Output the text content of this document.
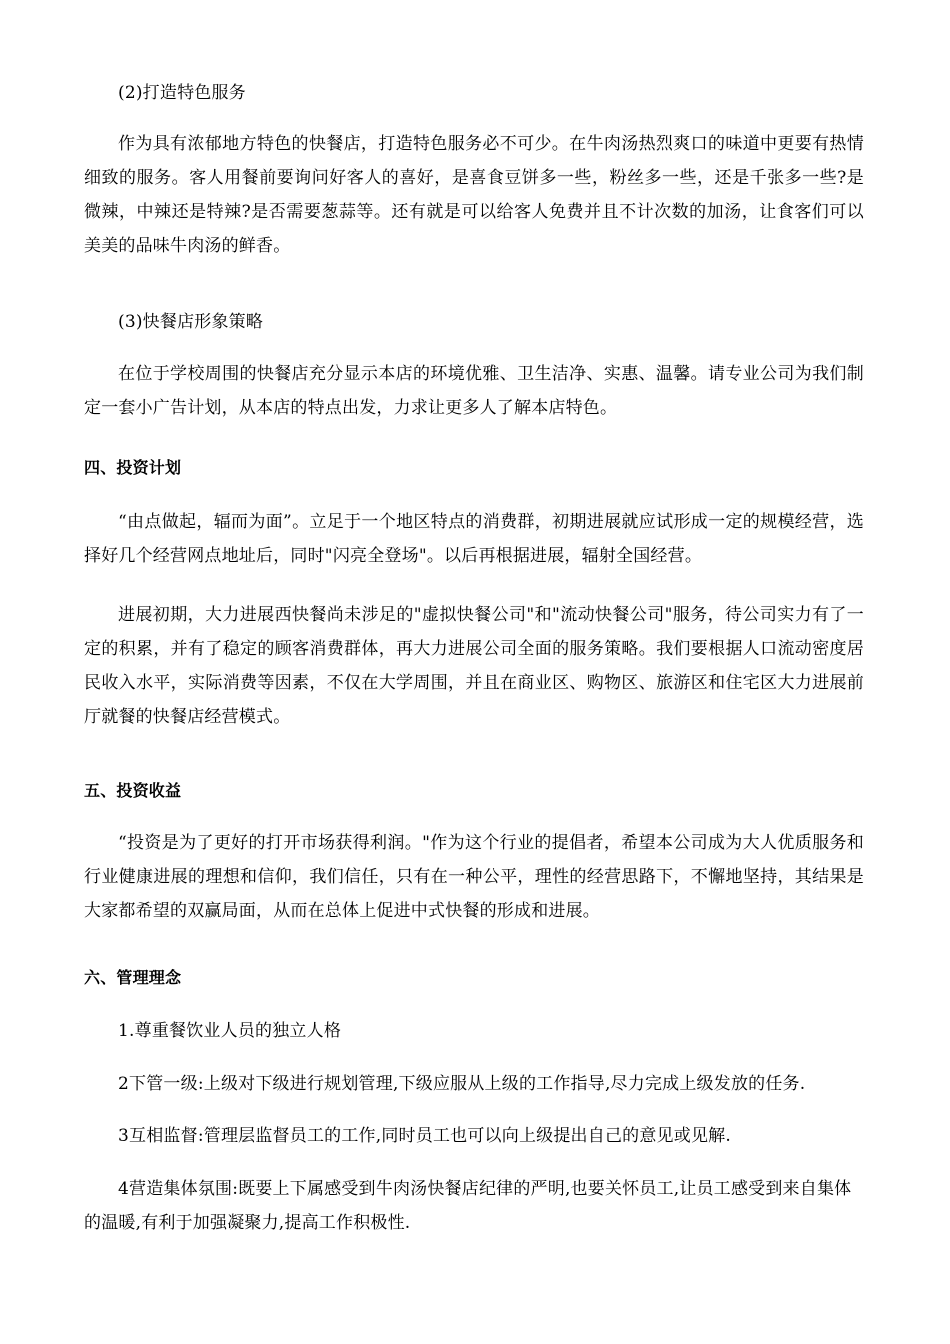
(2)打造特色服务

作为具有浓郁地方特色的快餐店，打造特色服务必不可少。在牛肉汤热烈爽口的味道中更要有热情细致的服务。客人用餐前要询问好客人的喜好，是喜食豆饼多一些，粉丝多一些，还是千张多一些?是微辣，中辣还是特辣?是否需要葱蒜等。还有就是可以给客人免费并且不计次数的加汤，让食客们可以美美的品味牛肉汤的鲜香。

(3)快餐店形象策略

在位于学校周围的快餐店充分显示本店的环境优雅、卫生洁净、实惠、温馨。请专业公司为我们制定一套小广告计划，从本店的特点出发，力求让更多人了解本店特色。

四、投资计划

“由点做起，辐而为面”。立足于一个地区特点的消费群，初期进展就应试形成一定的规模经营，选择好几个经营网点地址后，同时"闪亮全登场"。以后再根据进展，辐射全国经营。

进展初期，大力进展西快餐尚未涉足的"虚拟快餐公司"和"流动快餐公司"服务，待公司实力有了一定的积累，并有了稳定的顾客消费群体，再大力进展公司全面的服务策略。我们要根据人口流动密度居民收入水平，实际消费等因素，不仅在大学周围，并且在商业区、购物区、旅游区和住宅区大力进展前厅就餐的快餐店经营模式。

五、投资收益

“投资是为了更好的打开市场获得利润。"作为这个行业的提倡者，希望本公司成为大人优质服务和行业健康进展的理想和信仰，我们信任，只有在一种公平，理性的经营思路下，不懈地坚持，其结果是大家都希望的双赢局面，从而在总体上促进中式快餐的形成和进展。

六、管理理念

1.尊重餐饮业人员的独立人格

2下管一级:上级对下级进行规划管理,下级应服从上级的工作指导,尽力完成上级发放的任务.

3互相监督:管理层监督员工的工作,同时员工也可以向上级提出自己的意见或见解.

4营造集体氛围:既要上下属感受到牛肉汤快餐店纪律的严明,也要关怀员工,让员工感受到来自集体的温暖,有利于加强凝聚力,提高工作积极性.
